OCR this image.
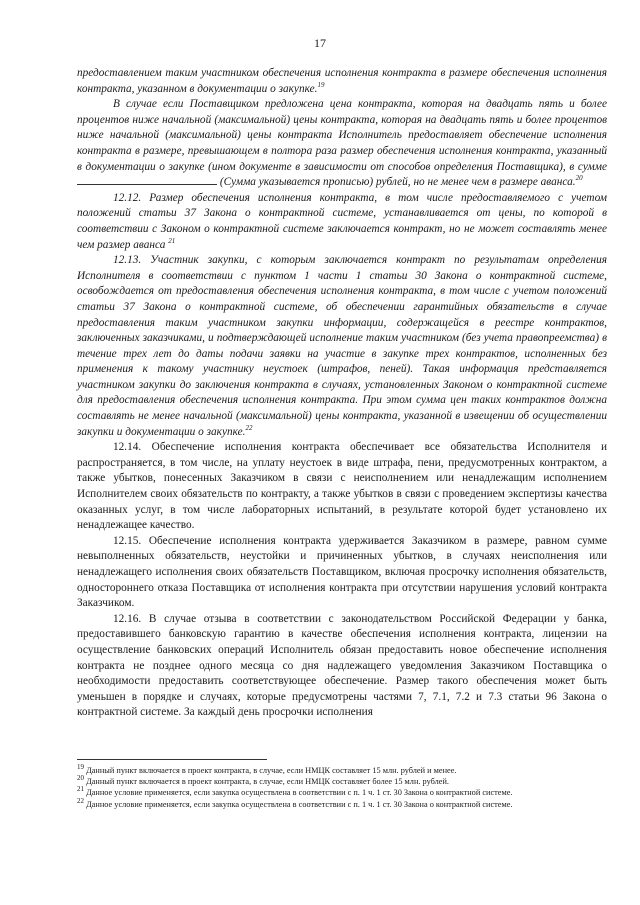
17

предоставлением таким участником обеспечения исполнения контракта в размере обеспечения исполнения контракта, указанном в документации о закупке.$^{19}$

В случае если Поставщиком предложена цена контракта, которая на двадцать пять и более процентов ниже начальной (максимальной) цены контракта, которая на двадцать пять и более процентов ниже начальной (максимальной) цены контракта Исполнитель предоставляет обеспечение исполнения контракта в размере, превышающем в полтора раза размер обеспечения исполнения контракта, указанный в документации о закупке (ином документе в зависимости от способов определения Поставщика), в сумме (Сумма указывается прописью) рублей, но не менее чем в размере аванса.$^{20}$

12.12. Размер обеспечения исполнения контракта, в том числе предоставляемого с учетом положений статьи 37 Закона о контрактной системе, устанавливается от цены, по которой в соответствии с Законом о контрактной системе заключается контракт, но не может составлять менее чем размер аванса $^{21}$

12.13. Участник закупки, с которым заключается контракт по результатам определения Исполнителя в соответствии с пунктом 1 части 1 статьи 30 Закона о контрактной системе, освобождается от предоставления обеспечения исполнения контракта, в том числе с учетом положений статьи 37 Закона о контрактной системе, об обеспечении гарантийных обязательств в случае предоставления таким участником закупки информации, содержащейся в реестре контрактов, заключенных заказчиками, и подтверждающей исполнение таким участником (без учета правопреемства) в течение трех лет до даты подачи заявки на участие в закупке трех контрактов, исполненных без применения к такому участнику неустоек (штрафов, пеней). Такая информация представляется участником закупки до заключения контракта в случаях, установленных Законом о контрактной системе для предоставления обеспечения исполнения контракта. При этом сумма цен таких контрактов должна составлять не менее начальной (максимальной) цены контракта, указанной в извещении об осуществлении закупки и документации о закупке.$^{22}$

12.14. Обеспечение исполнения контракта обеспечивает все обязательства Исполнителя и распространяется, в том числе, на уплату неустоек в виде штрафа, пени, предусмотренных контрактом, а также убытков, понесенных Заказчиком в связи с неисполнением или ненадлежащим исполнением Исполнителем своих обязательств по контракту, а также убытков в связи с проведением экспертизы качества оказанных услуг, в том числе лабораторных испытаний, в результате которой будет установлено их ненадлежащее качество.

12.15. Обеспечение исполнения контракта удерживается Заказчиком в размере, равном сумме невыполненных обязательств, неустойки и причиненных убытков, в случаях неисполнения или ненадлежащего исполнения своих обязательств Поставщиком, включая просрочку исполнения обязательств, одностороннего отказа Поставщика от исполнения контракта при отсутствии нарушения условий контракта Заказчиком.

12.16. В случае отзыва в соответствии с законодательством Российской Федерации у банка, предоставившего банковскую гарантию в качестве обеспечения исполнения контракта, лицензии на осуществление банковских операций Исполнитель обязан предоставить новое обеспечение исполнения контракта не позднее одного месяца со дня надлежащего уведомления Заказчиком Поставщика о необходимости предоставить соответствующее обеспечение. Размер такого обеспечения может быть уменьшен в порядке и случаях, которые предусмотрены частями 7, 7.1, 7.2 и 7.3 статьи 96 Закона о контрактной системе. За каждый день просрочки исполнения

$^{19}$ Данный пункт включается в проект контракта, в случае, если НМЦК составляет 15 млн. рублей и менее.

$^{20}$ Данный пункт включается в проект контракта, в случае, если НМЦК составляет более 15 млн. рублей.

$^{21}$ Данное условие применяется, если закупка осуществлена в соответствии с п. 1 ч. 1 ст. 30 Закона о контрактной системе.

$^{22}$ Данное условие применяется, если закупка осуществлена в соответствии с п. 1 ч. 1 ст. 30 Закона о контрактной системе.
